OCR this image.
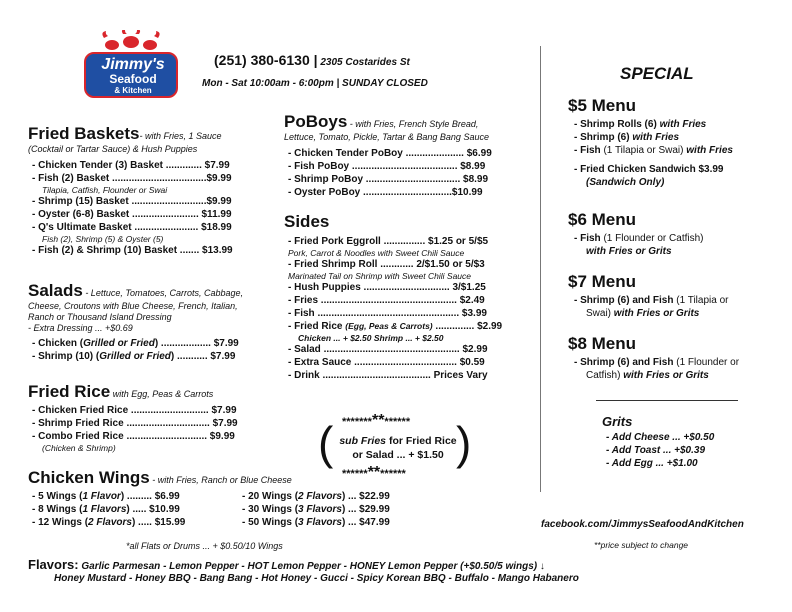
Jimmy's
Seafood
& Kitchen
(251) 380-6130 | 2305 Costarides St
Mon - Sat 10:00am - 6:00pm | SUNDAY CLOSED
Fried Baskets- with Fries, 1 Sauce
(Cocktail or Tartar Sauce) & Hush Puppies
- Chicken Tender (3) Basket ............. $7.99
- Fish (2) Basket ..................................$9.99
Tilapia, Catfish, Flounder or Swai
- Shrimp (15) Basket ...........................$9.99
- Oyster (6-8) Basket ........................ $11.99
- Q's Ultimate Basket ....................... $18.99
Fish (2), Shrimp (5) & Oyster (5)
- Fish (2) & Shrimp (10) Basket ....... $13.99
Salads - Lettuce, Tomatoes, Carrots, Cabbage,
Cheese, Croutons with Blue Cheese, French, Italian,
Ranch or Thousand Island Dressing
- Extra Dressing ... +$0.69
- Chicken (Grilled or Fried) .................. $7.99
- Shrimp (10) (Grilled or Fried) ........... $7.99
Fried Rice with Egg, Peas & Carrots
- Chicken Fried Rice ............................ $7.99
- Shrimp Fried Rice .............................. $7.99
- Combo Fried Rice ............................. $9.99
(Chicken & Shrimp)
Chicken Wings - with Fries, Ranch or Blue Cheese
- 5 Wings (1 Flavor) ......... $6.99
- 8 Wings (1 Flavors) ..... $10.99
- 12 Wings (2 Flavors) ..... $15.99
- 20 Wings (2 Flavors) ... $22.99
- 30 Wings (3 Flavors) ... $29.99
- 50 Wings (3 Flavors) ... $47.99
*all Flats or Drums ... + $0.50/10 Wings
Flavors: Garlic Parmesan - Lemon Pepper - HOT Lemon Pepper - HONEY Lemon Pepper (+$0.50/5 wings) ↓
Honey Mustard - Honey BBQ - Bang Bang - Hot Honey - Gucci - Spicy Korean BBQ - Buffalo - Mango Habanero
PoBoys - with Fries, French Style Bread,
Lettuce, Tomato, Pickle, Tartar & Bang Bang Sauce
- Chicken Tender PoBoy ..................... $6.99
- Fish PoBoy ...................................... $8.99
- Shrimp PoBoy .................................. $8.99
- Oyster PoBoy ................................$10.99
Sides
- Fried Pork Eggroll ............... $1.25 or 5/$5
Pork, Carrot & Noodles with Sweet Chili Sauce
- Fried Shrimp Roll ............ 2/$1.50 or 5/$3
Marinated Tail on Shrimp with Sweet Chili Sauce
- Hush Puppies ............................... 3/$1.25
- Fries ................................................. $2.49
- Fish ................................................... $3.99
- Fried Rice (Egg, Peas & Carrots) .............. $2.99
Chicken ... + $2.50 Shrimp ... + $2.50
- Salad ................................................. $2.99
- Extra Sauce ..................................... $0.59
- Drink ....................................... Prices Vary
(	)
***************
sub Fries for Fried Rice
or Salad ... + $1.50
**************
SPECIAL
$5 Menu
- Shrimp Rolls (6) with Fries
- Shrimp (6) with Fries
- Fish (1 Tilapia or Swai) with Fries
- Fried Chicken Sandwich $3.99
(Sandwich Only)
$6 Menu
- Fish (1 Flounder or Catfish)
with Fries or Grits
$7 Menu
- Shrimp (6) and Fish (1 Tilapia or
Swai) with Fries or Grits
$8 Menu
- Shrimp (6) and Fish (1 Flounder or
Catfish) with Fries or Grits
Grits
- Add Cheese ... +$0.50
- Add Toast ... +$0.39
- Add Egg ... +$1.00
facebook.com/JimmysSeafoodAndKitchen
**price subject to change
